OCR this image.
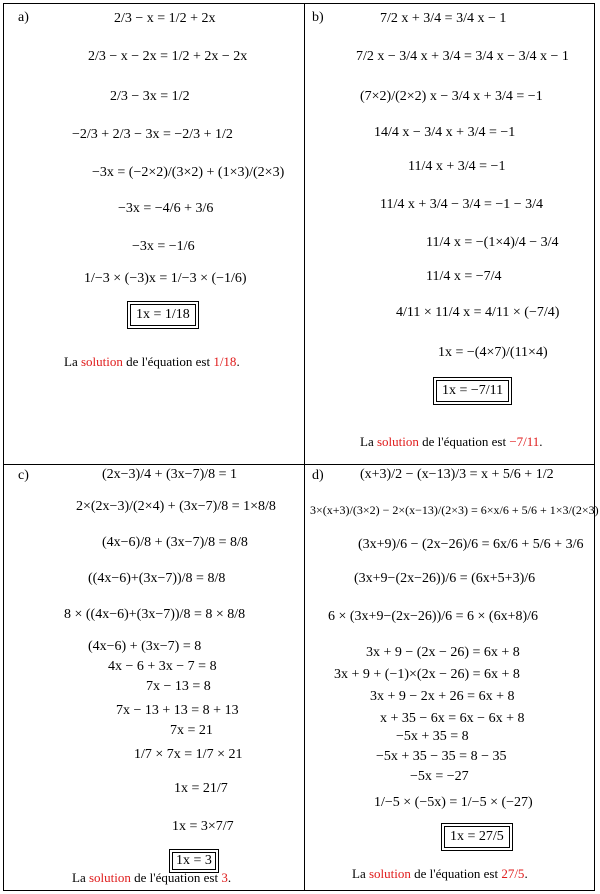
a)	2/3 − x = 1/2 + 2x
2/3 − x − 2x = 1/2 + 2x − 2x
2/3 − 3x = 1/2
−2/3 + 2/3 − 3x = −2/3 + 1/2
−3x = (−2×2)/(3×2) + (1×3)/(2×3)
−3x = −4/6 + 3/6
−3x = −1/6
1/−3 × (−3)x = 1/−3 × (−1/6)
1x = 1/18
La solution de l'équation est 1/18.
b)	7/2 x + 3/4 = 3/4 x − 1
7/2 x − 3/4 x + 3/4 = 3/4 x − 3/4 x − 1
(7×2)/(2×2) x − 3/4 x + 3/4 = −1
14/4 x − 3/4 x + 3/4 = −1
11/4 x + 3/4 = −1
11/4 x + 3/4 − 3/4 = −1 − 3/4
11/4 x = −(1×4)/4 − 3/4
11/4 x = −7/4
4/11 × 11/4 x = 4/11 × (−7/4)
1x = −(4×7)/(11×4)
1x = −7/11
La solution de l'équation est −7/11.
c)	(2x−3)/4 + (3x−7)/8 = 1
2×(2x−3)/(2×4) + (3x−7)/8 = 1×8/8
(4x−6)/8 + (3x−7)/8 = 8/8
((4x−6)+(3x−7))/8 = 8/8
8 × ((4x−6)+(3x−7))/8 = 8 × 8/8
(4x−6) + (3x−7) = 8
4x − 6 + 3x − 7 = 8
7x − 13 = 8
7x − 13 + 13 = 8 + 13
7x = 21
1/7 × 7x = 1/7 × 21
1x = 21/7
1x = 3×7/7
1x = 3
La solution de l'équation est 3.
d)	(x+3)/2 − (x−13)/3 = x + 5/6 + 1/2
3×(x+3)/(3×2) − 2×(x−13)/(2×3) = 6×x/6 + 5/6 + 1×3/(2×3)
(3x+9)/6 − (2x−26)/6 = 6x/6 + 5/6 + 3/6
(3x+9−(2x−26))/6 = (6x+5+3)/6
6 × (3x+9−(2x−26))/6 = 6 × (6x+8)/6
3x + 9 − (2x − 26) = 6x + 8
3x + 9 + (−1)×(2x − 26) = 6x + 8
3x + 9 − 2x + 26 = 6x + 8
x + 35 − 6x = 6x − 6x + 8
−5x + 35 = 8
−5x + 35 − 35 = 8 − 35
−5x = −27
1/−5 × (−5x) = 1/−5 × (−27)
1x = 27/5
La solution de l'équation est 27/5.
